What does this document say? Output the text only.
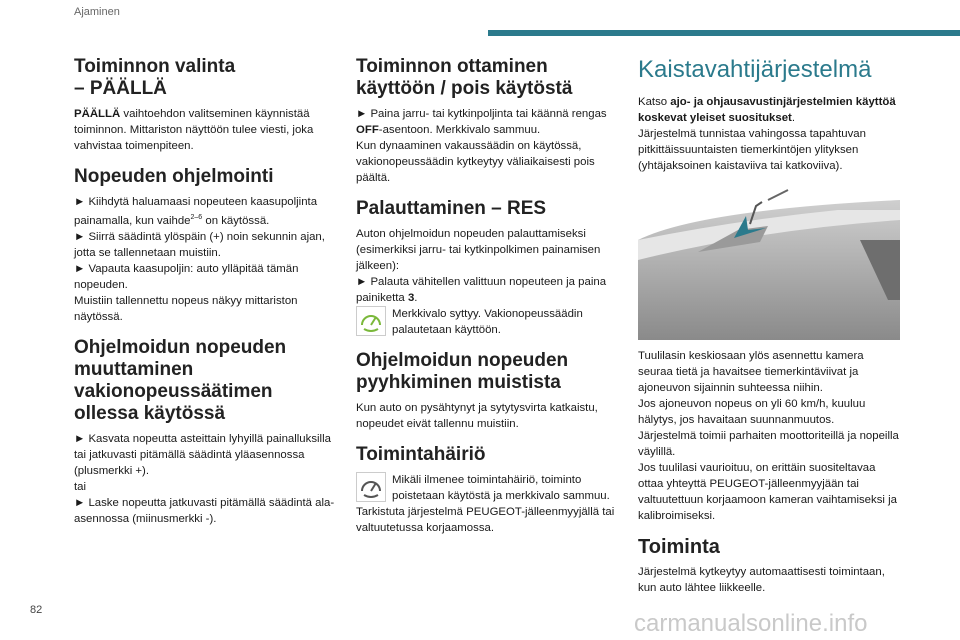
Ajaminen
Toiminnon valinta
– PÄÄLLÄ

PÄÄLLÄ vaihtoehdon valitseminen käynnistää toiminnon. Mittariston näyttöön tulee viesti, joka vahvistaa toimenpiteen.

Nopeuden ohjelmointi

► Kiihdytä haluamaasi nopeuteen kaasupoljinta painamalla, kun vaihde$^{2-6}$ on käytössä.

► Siirrä säädintä ylöspäin (+) noin sekunnin ajan, jotta se tallennetaan muistiin.

► Vapauta kaasupoljin: auto ylläpitää tämän nopeuden.

Muistiin tallennettu nopeus näkyy mittariston näytössä.

Ohjelmoidun nopeuden muuttaminen vakionopeussäätimen ollessa käytössä

► Kasvata nopeutta asteittain lyhyillä painalluksilla tai jatkuvasti pitämällä säädintä yläasennossa (plusmerkki +).

tai

► Laske nopeutta jatkuvasti pitämällä säädintä ala-asennossa (miinusmerkki -).

Toiminnon ottaminen käyttöön / pois käytöstä

► Paina jarru- tai kytkinpoljinta tai käännä rengas OFF-asentoon. Merkkivalo sammuu.

Kun dynaaminen vakaussäädin on käytössä, vakionopeussäädin kytkeytyy väliaikaisesti pois päältä.

Palauttaminen – RES

Auton ohjelmoidun nopeuden palauttamiseksi (esimerkiksi jarru- tai kytkinpolkimen painamisen jälkeen):

► Palauta vähitellen valittuun nopeuteen ja paina painiketta 3.

Merkkivalo syttyy. Vakionopeussäädin palautetaan käyttöön.

Ohjelmoidun nopeuden pyyhkiminen muistista

Kun auto on pysähtynyt ja sytytysvirta katkaistu, nopeudet eivät tallennu muistiin.

Toimintahäiriö

Mikäli ilmenee toimintahäiriö, toiminto poistetaan käytöstä ja merkkivalo sammuu.

Tarkistuta järjestelmä PEUGEOT-jälleenmyyjällä tai valtuutetussa korjaamossa.

Kaistavahtijärjestelmä

Katso ajo- ja ohjausavustinjärjestelmien käyttöä koskevat yleiset suositukset.

Järjestelmä tunnistaa vahingossa tapahtuvan pitkittäissuuntaisten tiemerkintöjen ylityksen (yhtäjaksoinen kaistaviiva tai katkoviiva).

Tuulilasin keskiosaan ylös asennettu kamera seuraa tietä ja havaitsee tiemerkintäviivat ja ajoneuvon sijainnin suhteessa niihin.

Jos ajoneuvon nopeus on yli 60 km/h, kuuluu hälytys, jos havaitaan suunnanmuutos.

Järjestelmä toimii parhaiten moottoriteillä ja nopeilla väylillä.

Jos tuulilasi vaurioituu, on erittäin suositeltavaa ottaa yhteyttä PEUGEOT-jälleenmyyjään tai valtuutettuun korjaamoon kameran vaihtamiseksi ja kalibroimiseksi.

Toiminta

Järjestelmä kytkeytyy automaattisesti toimintaan, kun auto lähtee liikkeelle.

82	carmanualsonline.info
